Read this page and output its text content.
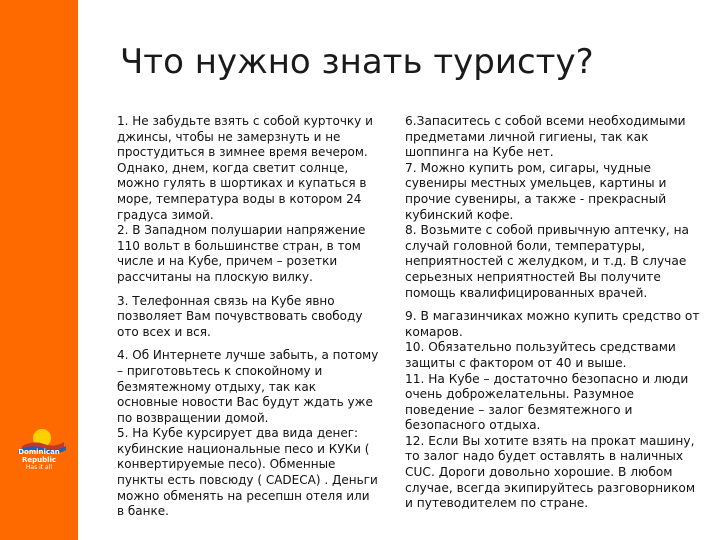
Dominican Republic
Has it all
Что нужно знать туристу?

1. Не забудьте взять с собой курточку и джинсы, чтобы не замерзнуть и не простудиться в зимнее время вечером. Однако, днем, когда светит солнце, можно гулять в шортиках и купаться в море, температура воды в котором 24 градуса зимой.

2. В Западном полушарии напряжение 110 вольт в большинстве стран, в том числе и на Кубе, причем – розетки рассчитаны на плоскую вилку.

3. Телефонная связь на Кубе явно позволяет Вам почувствовать свободу ото всех и вся.

4. Об Интернете лучше забыть, а потому – приготовьтесь к спокойному и безмятежному отдыху, так как основные новости Вас будут ждать уже по возвращении домой.

5. На Кубе курсирует два вида денег: кубинские национальные песо и КУКи ( конвертируемые песо). Обменные пункты есть повсюду ( CADECA) . Деньги можно обменять на ресепшн отеля или в банке.

6.Запаситесь с собой всеми необходимыми предметами личной гигиены, так как шоппинга на Кубе нет.

7. Можно купить ром, сигары, чудные сувениры местных умельцев, картины и прочие сувениры, а также - прекрасный кубинский кофе.

8. Возьмите с собой привычную аптечку, на случай головной боли, температуры, неприятностей с желудком, и т.д. В случае серьезных неприятностей Вы получите помощь квалифицированных врачей.

9. В магазинчиках можно купить средство от комаров.

10. Обязательно пользуйтесь средствами защиты с фактором от 40 и выше.

11. На Кубе – достаточно безопасно и люди очень доброжелательны. Разумное поведение – залог безмятежного и безопасного отдыха.

12. Если Вы хотите взять на прокат машину, то залог надо будет оставлять в наличных CUC. Дороги довольно хорошие. В любом случае, всегда экипируйтесь разговорником и путеводителем по стране.
